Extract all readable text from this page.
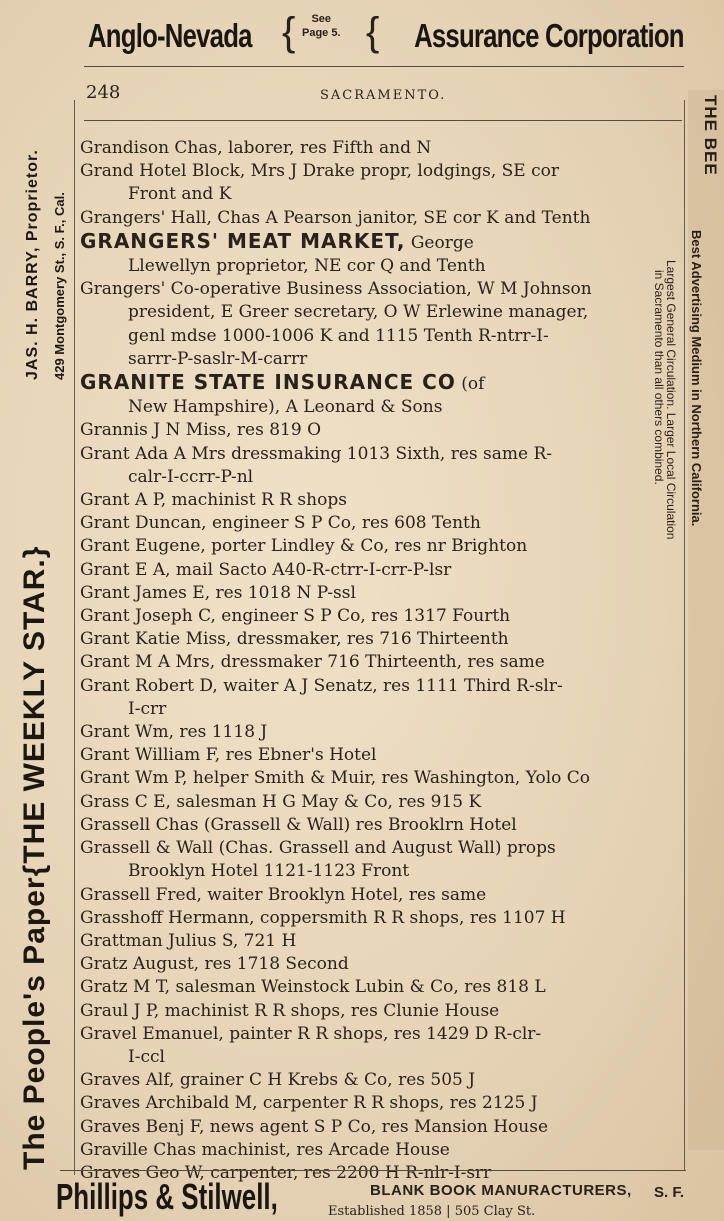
Anglo-Nevada	Assurance Corporation
{	See
Page 5. {
248	SACRAMENTO.
The People's Paper{THE WEEKLY STAR.}
JAS. H. BARRY, Proprietor. 429 Montgomery St., S. F., Cal.
THE BEE
Best Advertising Medium in Northern California.
Largest General Circulation. Larger Local Circulation
in Sacramento than all others combined.
Grandison Chas, laborer, res Fifth and N
Grand Hotel Block, Mrs J Drake propr, lodgings, SE cor
Front and K
Grangers' Hall, Chas A Pearson janitor, SE cor K and Tenth
GRANGERS' MEAT MARKET, George
Llewellyn proprietor, NE cor Q and Tenth
Grangers' Co-operative Business Association, W M Johnson
president, E Greer secretary, O W Erlewine manager,
genl mdse 1000-1006 K and 1115 Tenth R-ntrr-I-
sarrr-P-saslr-M-carrr
GRANITE STATE INSURANCE CO (of
New Hampshire), A Leonard & Sons
Grannis J N Miss, res 819 O
Grant Ada A Mrs dressmaking 1013 Sixth, res same R-
calr-I-ccrr-P-nl
Grant A P, machinist R R shops
Grant Duncan, engineer S P Co, res 608 Tenth
Grant Eugene, porter Lindley & Co, res nr Brighton
Grant E A, mail Sacto A40-R-ctrr-I-crr-P-lsr
Grant James E, res 1018 N P-ssl
Grant Joseph C, engineer S P Co, res 1317 Fourth
Grant Katie Miss, dressmaker, res 716 Thirteenth
Grant M A Mrs, dressmaker 716 Thirteenth, res same
Grant Robert D, waiter A J Senatz, res 1111 Third R-slr-
I-crr
Grant Wm, res 1118 J
Grant William F, res Ebner's Hotel
Grant Wm P, helper Smith & Muir, res Washington, Yolo Co
Grass C E, salesman H G May & Co, res 915 K
Grassell Chas (Grassell & Wall) res Brooklrn Hotel
Grassell & Wall (Chas. Grassell and August Wall) props
Brooklyn Hotel 1121-1123 Front
Grassell Fred, waiter Brooklyn Hotel, res same
Grasshoff Hermann, coppersmith R R shops, res 1107 H
Grattman Julius S, 721 H
Gratz August, res 1718 Second
Gratz M T, salesman Weinstock Lubin & Co, res 818 L
Graul J P, machinist R R shops, res Clunie House
Gravel Emanuel, painter R R shops, res 1429 D R-clr-
I-ccl
Graves Alf, grainer C H Krebs & Co, res 505 J
Graves Archibald M, carpenter R R shops, res 2125 J
Graves Benj F, news agent S P Co, res Mansion House
Graville Chas machinist, res Arcade House
Graves Geo W, carpenter, res 2200 H R-nlr-I-srr
Phillips & Stilwell,	BLANK BOOK MANURACTURERS,
Established 1858 | 505 Clay St.
S. F.
